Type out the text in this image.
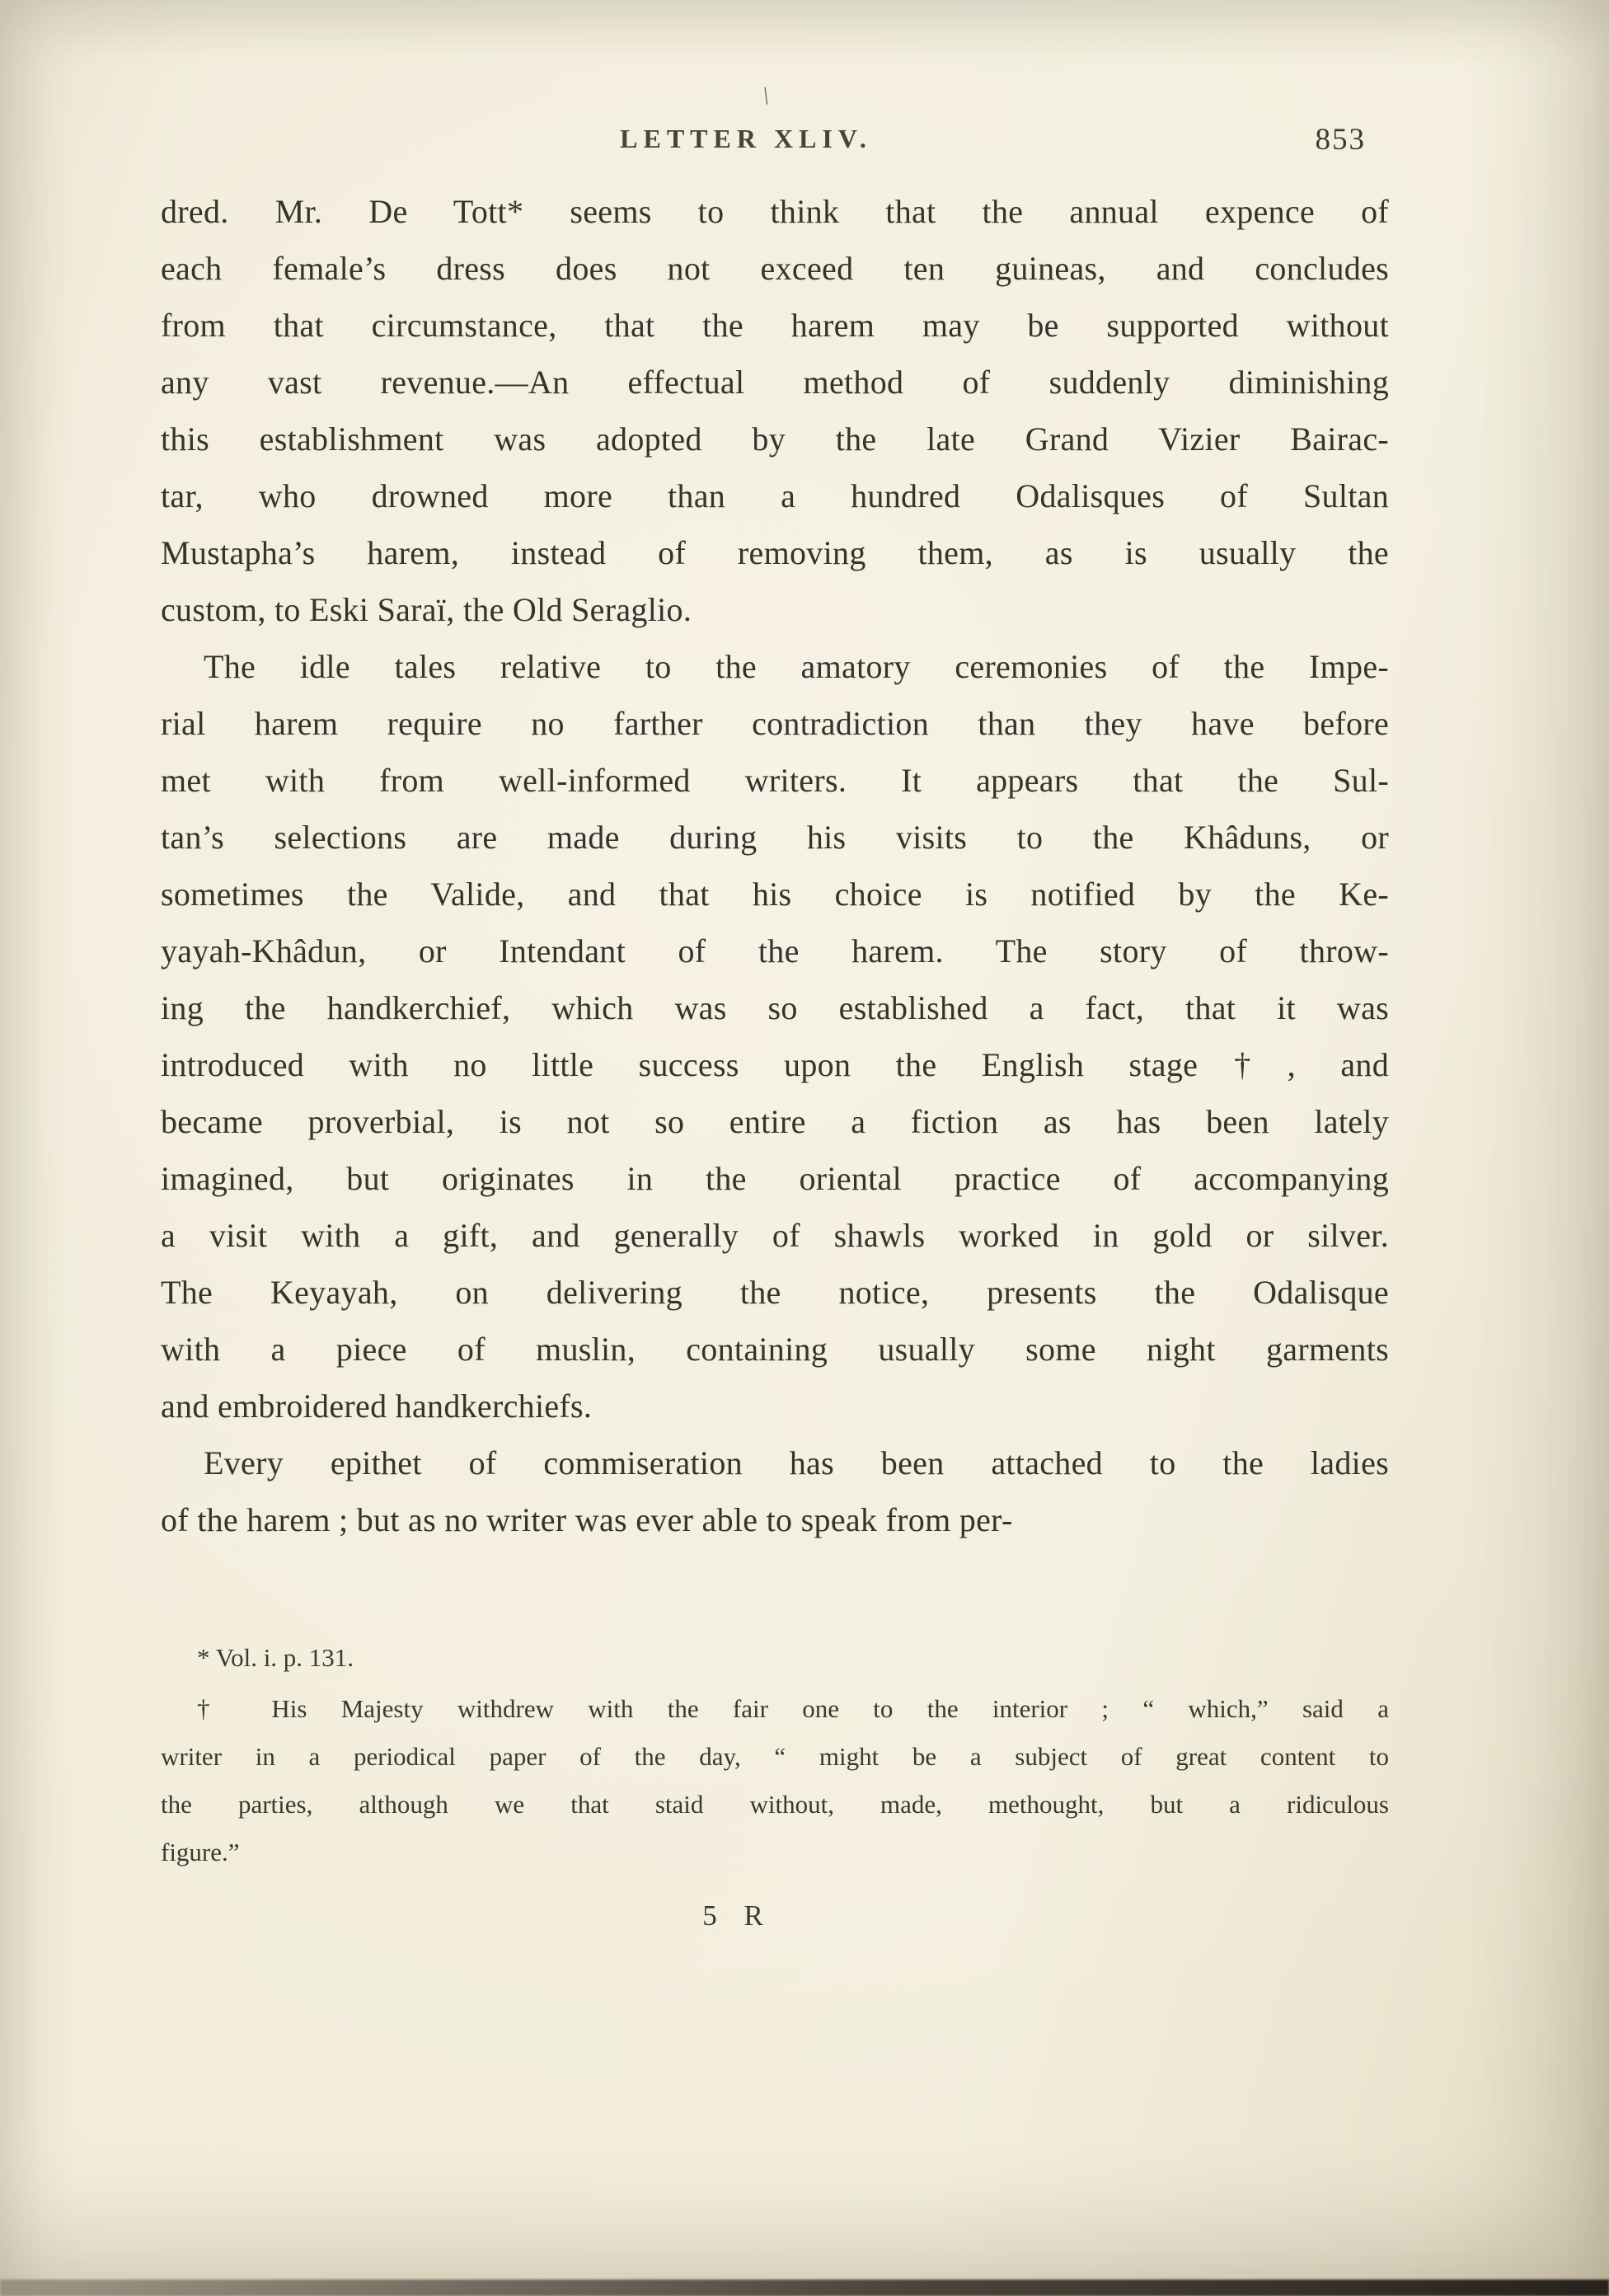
\
LETTER XLIV.	853
dred. Mr. De Tott* seems to think that the annual expence of
each female’s dress does not exceed ten guineas, and concludes
from that circumstance, that the harem may be supported without
any vast revenue.—An effectual method of suddenly diminishing
this establishment was adopted by the late Grand Vizier Bairac-
tar, who drowned more than a hundred Odalisques of Sultan
Mustapha’s harem, instead of removing them, as is usually the
custom, to Eski Saraï, the Old Seraglio.
The idle tales relative to the amatory ceremonies of the Impe-
rial harem require no farther contradiction than they have before
met with from well-informed writers. It appears that the Sul-
tan’s selections are made during his visits to the Khâduns, or
sometimes the Valide, and that his choice is notified by the Ke-
yayah-Khâdun, or Intendant of the harem. The story of throw-
ing the handkerchief, which was so established a fact, that it was
introduced with no little success upon the English stage†, and
became proverbial, is not so entire a fiction as has been lately
imagined, but originates in the oriental practice of accompanying
a visit with a gift, and generally of shawls worked in gold or silver.
The Keyayah, on delivering the notice, presents the Odalisque
with a piece of muslin, containing usually some night garments
and embroidered handkerchiefs.
Every epithet of commiseration has been attached to the ladies
of the harem ; but as no writer was ever able to speak from per-
* Vol. i. p. 131.
† His Majesty withdrew with the fair one to the interior ; “ which,” said a
writer in a periodical paper of the day, “ might be a subject of great content to
the parties, although we that staid without, made, methought, but a ridiculous
figure.”
5 R
